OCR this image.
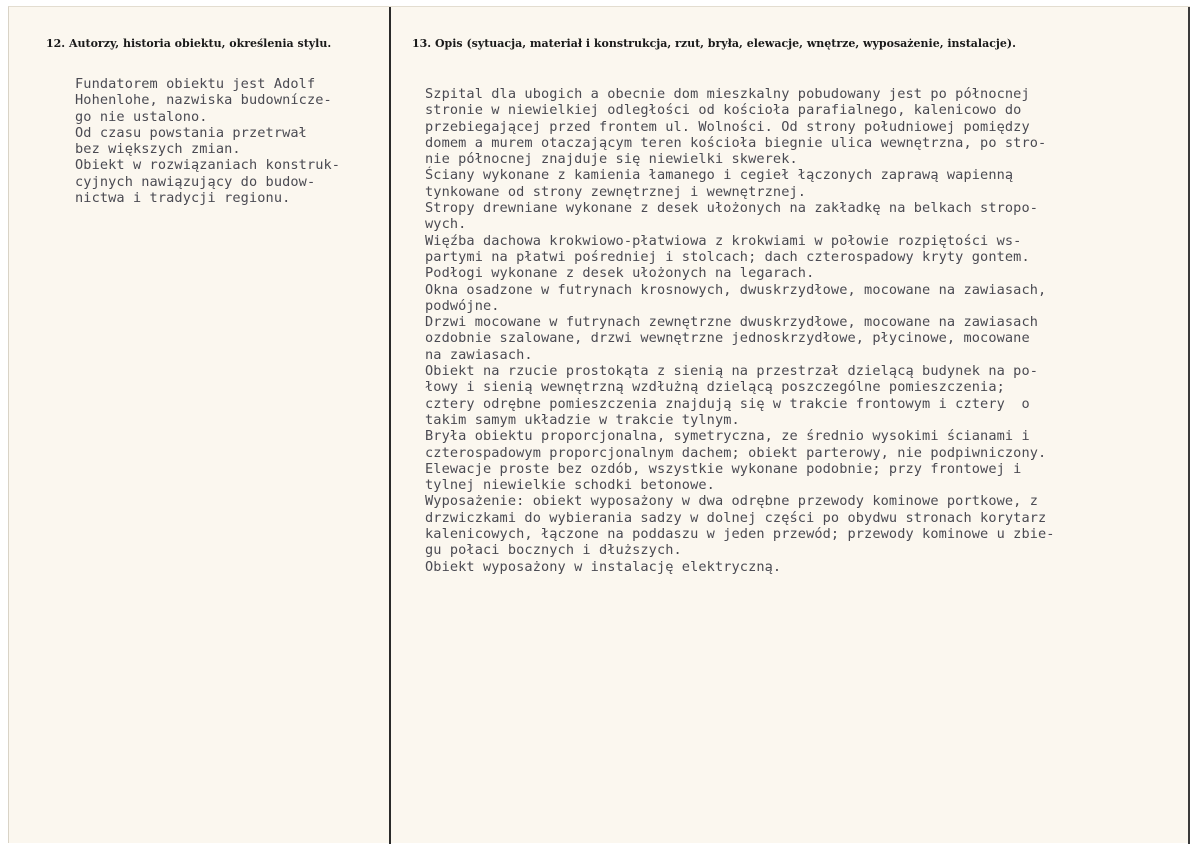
12. Autorzy, historia obiektu, określenia stylu.	13. Opis (sytuacja, materiał i konstrukcja, rzut, bryła, elewacje, wnętrze, wyposażenie, instalacje).
Fundatorem obiektu jest Adolf
Hohenlohe, nazwiska budownícze-
go nie ustalono.
Od czasu powstania przetrwał
bez większych zmian.
Obiekt w rozwiązaniach konstruk-
cyjnych nawiązujący do budow-
nictwa i tradycji regionu.
Szpital dla ubogich a obecnie dom mieszkalny pobudowany jest po północnej
stronie w niewielkiej odległości od kościoła parafialnego, kalenicowo do
przebiegającej przed frontem ul. Wolności. Od strony południowej pomiędzy
domem a murem otaczającym teren kościoła biegnie ulica wewnętrzna, po stro-
nie północnej znajduje się niewielki skwerek.
Ściany wykonane z kamienia łamanego i cegieł łączonych zaprawą wapienną
tynkowane od strony zewnętrznej i wewnętrznej.
Stropy drewniane wykonane z desek ułożonych na zakładkę na belkach stropo-
wych.
Więźba dachowa krokwiowo-płatwiowa z krokwiami w połowie rozpiętości ws-
partymi na płatwi pośredniej i stolcach; dach czterospadowy kryty gontem.
Podłogi wykonane z desek ułożonych na legarach.
Okna osadzone w futrynach krosnowych, dwuskrzydłowe, mocowane na zawiasach,
podwójne.
Drzwi mocowane w futrynach zewnętrzne dwuskrzydłowe, mocowane na zawiasach
ozdobnie szalowane, drzwi wewnętrzne jednoskrzydłowe, płycinowe, mocowane
na zawiasach.
Obiekt na rzucie prostokąta z sienią na przestrzał dzielącą budynek na po-
łowy i sienią wewnętrzną wzdłużną dzielącą poszczególne pomieszczenia;
cztery odrębne pomieszczenia znajdują się w trakcie frontowym i cztery  o
takim samym układzie w trakcie tylnym.
Bryła obiektu proporcjonalna, symetryczna, ze średnio wysokimi ścianami i
czterospadowym proporcjonalnym dachem; obiekt parterowy, nie podpiwniczony.
Elewacje proste bez ozdób, wszystkie wykonane podobnie; przy frontowej i
tylnej niewielkie schodki betonowe.
Wyposażenie: obiekt wyposażony w dwa odrębne przewody kominowe portkowe, z
drzwiczkami do wybierania sadzy w dolnej części po obydwu stronach korytarz
kalenicowych, łączone na poddaszu w jeden przewód; przewody kominowe u zbie-
gu połaci bocznych i dłuższych.
Obiekt wyposażony w instalację elektryczną.
